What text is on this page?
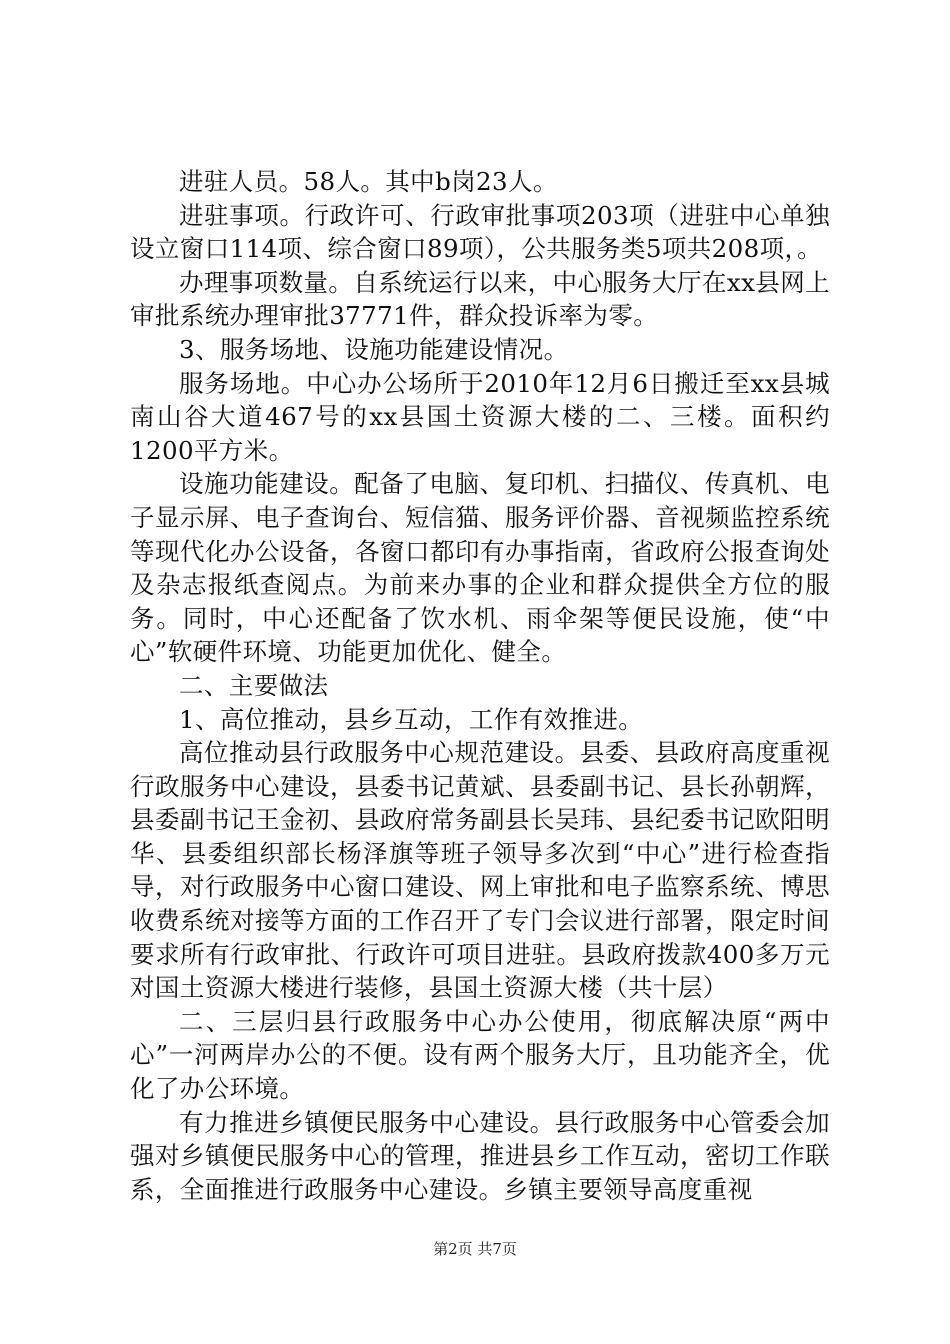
进驻人员。58人。其中b岗23人。

进驻事项。行政许可、行政审批事项203项（进驻中心单独设立窗口114项、综合窗口89项），公共服务类5项共208项，。

办理事项数量。自系统运行以来，中心服务大厅在xx县网上审批系统办理审批37771件，群众投诉率为零。

3、服务场地、设施功能建设情况。

服务场地。中心办公场所于2010年12月6日搬迁至xx县城南山谷大道467号的xx县国土资源大楼的二、三楼。面积约1200平方米。

设施功能建设。配备了电脑、复印机、扫描仪、传真机、电子显示屏、电子查询台、短信猫、服务评价器、音视频监控系统等现代化办公设备，各窗口都印有办事指南，省政府公报查询处及杂志报纸查阅点。为前来办事的企业和群众提供全方位的服务。同时，中心还配备了饮水机、雨伞架等便民设施，使“中心”软硬件环境、功能更加优化、健全。

二、主要做法

1、高位推动，县乡互动，工作有效推进。

高位推动县行政服务中心规范建设。县委、县政府高度重视行政服务中心建设，县委书记黄斌、县委副书记、县长孙朝辉，县委副书记王金初、县政府常务副县长吴玮、县纪委书记欧阳明华、县委组织部长杨泽旗等班子领导多次到“中心”进行检查指导，对行政服务中心窗口建设、网上审批和电子监察系统、博思收费系统对接等方面的工作召开了专门会议进行部署，限定时间要求所有行政审批、行政许可项目进驻。县政府拨款400多万元对国土资源大楼进行装修，县国土资源大楼（共十层）

二、三层归县行政服务中心办公使用，彻底解决原“两中心”一河两岸办公的不便。设有两个服务大厅，且功能齐全，优化了办公环境。

有力推进乡镇便民服务中心建设。县行政服务中心管委会加强对乡镇便民服务中心的管理，推进县乡工作互动，密切工作联系，全面推进行政服务中心建设。乡镇主要领导高度重视

第2页 共7页
